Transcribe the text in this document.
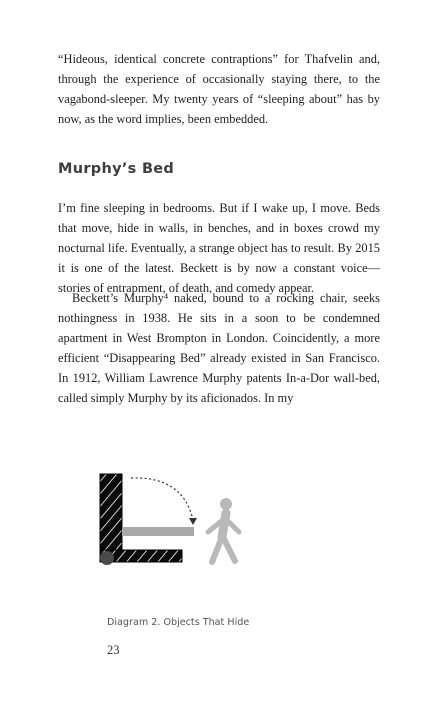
“Hideous, identical concrete contraptions” for Thafvelin and, through the experience of occasionally staying there, to the vagabond-sleeper. My twenty years of “sleeping about” has by now, as the word implies, been embedded.

Murphy’s Bed

I’m fine sleeping in bedrooms. But if I wake up, I move. Beds that move, hide in walls, in benches, and in boxes crowd my nocturnal life. Eventually, a strange object has to result. By 2015 it is one of the latest. Beckett is by now a constant voice—stories of entrapment, of death, and comedy appear.

Beckett’s Murphy⁴ naked, bound to a rocking chair, seeks nothingness in 1938. He sits in a soon to be condemned apartment in West Brompton in London. Coincidently, a more efficient “Disappearing Bed” already existed in San Francisco. In 1912, William Lawrence Murphy patents In-a-Dor wall-bed, called simply Murphy by its aficionados. In my

Diagram 2. Objects That Hide
23
